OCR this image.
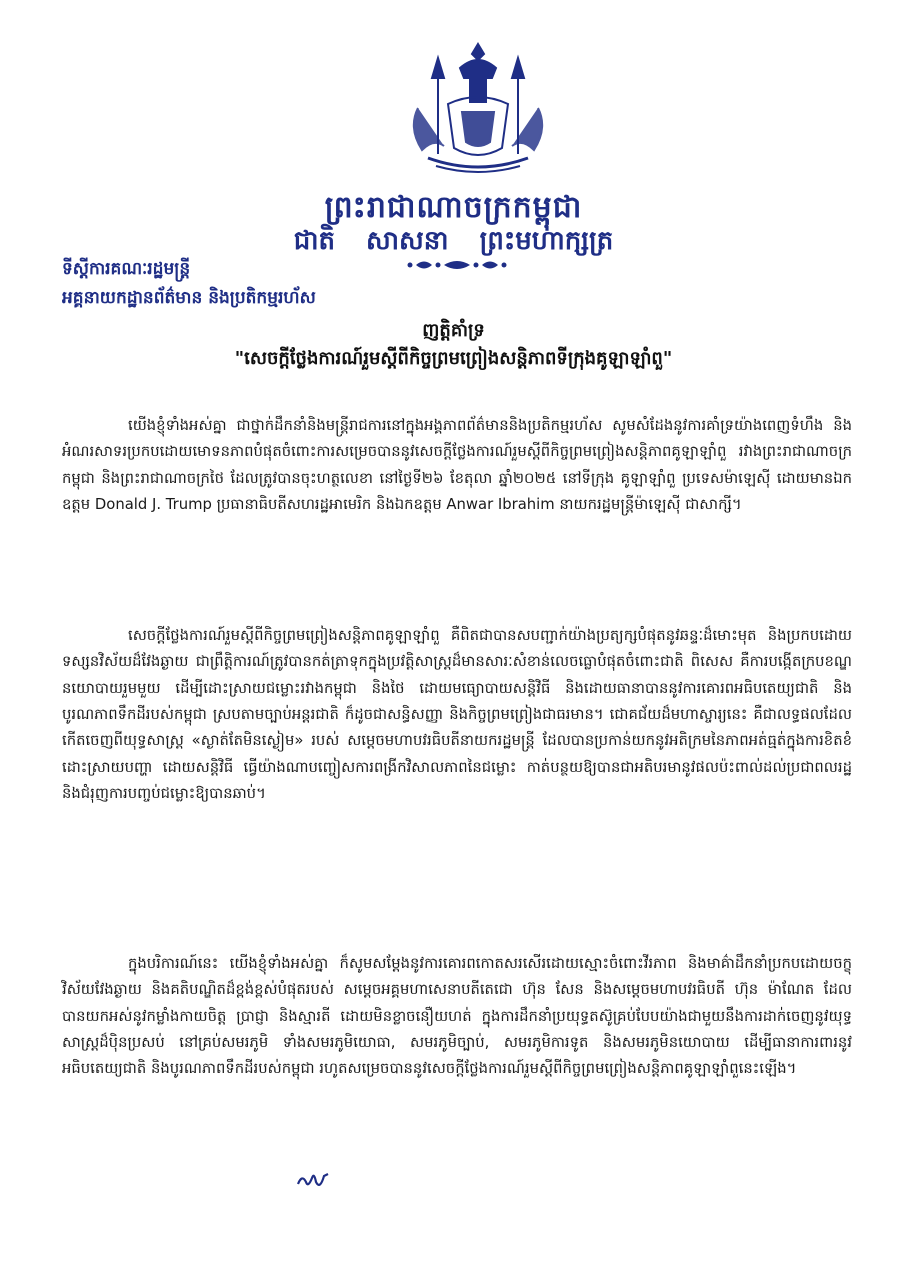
ព្រះរាជាណាចក្រកម្ពុជា
ជាតិ សាសនា ព្រះមហាក្សត្រ
ទីស្ដីការគណៈរដ្ឋមន្ត្រី
អគ្គនាយកដ្ឋានព័ត៌មាន និងប្រតិកម្មរហ័ស
ញត្តិគាំទ្រ
"សេចក្តីថ្លែងការណ៍រួមស្តីពីកិច្ចព្រមព្រៀងសន្តិភាពទីក្រុងគូឡាឡាំពួ"

យើងខ្ញុំទាំងអស់គ្នា ជាថ្នាក់ដឹកនាំនិងមន្ត្រីរាជការនៅក្នុងអង្គភាពព័ត៌មាននិងប្រតិកម្មរហ័ស សូមសំដែងនូវការគាំទ្រយ៉ាងពេញទំហឹង និងអំណរសាទរប្រកបដោយមោទនភាពបំផុតចំពោះការសម្រេចបាននូវសេចក្តីថ្លែងការណ៍រួមស្តីពីកិច្ចព្រមព្រៀងសន្តិភាពគូឡាឡាំពួ រវាងព្រះរាជាណាចក្រកម្ពុជា និងព្រះរាជាណាចក្រថៃ ដែលត្រូវបានចុះហត្ថលេខា នៅថ្ងៃទី២៦ ខែតុលា ឆ្នាំ២០២៥ នៅទីក្រុង គូឡាឡាំពួ ប្រទេសម៉ាឡេស៊ី ដោយមានឯកឧត្តម Donald J. Trump ប្រធានាធិបតីសហរដ្ឋអាមេរិក និងឯកឧត្តម Anwar Ibrahim នាយករដ្ឋមន្ត្រីម៉ាឡេស៊ី ជាសាក្សី។

សេចក្តីថ្លែងការណ៍រួមស្តីពីកិច្ចព្រមព្រៀងសន្តិភាពគូឡាឡាំពួ គឺពិតជាបានសបញ្ជាក់យ៉ាងប្រត្យក្សបំផុតនូវឆន្ទៈដ៏មោះមុត និងប្រកបដោយទស្សនវិស័យដ៏វែងឆ្ងាយ ជាព្រឹត្តិការណ៍ត្រូវបានកត់ត្រាទុកក្នុងប្រវត្តិសាស្ត្រដ៏មានសារៈសំខាន់លេចធ្លោបំផុតចំពោះជាតិ ពិសេស គឺការបង្កើតក្របខណ្ឌនយោបាយរួមមួយ ដើម្បីដោះស្រាយជម្លោះរវាងកម្ពុជា និងថៃ ដោយមធ្យោបាយសន្តិវិធី និងដោយធានាបាននូវការគោរពអធិបតេយ្យជាតិ និងបូរណភាពទឹកដីរបស់កម្ពុជា ស្របតាមច្បាប់អន្តរជាតិ ក៏ដូចជាសន្ធិសញ្ញា និងកិច្ចព្រមព្រៀងជាធរមាន។ ជោគជ័យដ៏មហាស្ចារ្យនេះ គឺជាលទ្ធផលដែលកើតចេញពីយុទ្ធសាស្ត្រ «ស្ងាត់តែមិនស្ងៀម» របស់ សម្តេចមហាបវរធិបតីនាយករដ្ឋមន្ត្រី ដែលបានប្រកាន់យកនូវអតិក្រមនៃភាពអត់ធ្មត់ក្នុងការខិតខំដោះស្រាយបញ្ហា ដោយសន្តិវិធី ធ្វើយ៉ាងណាបញ្ចៀសការពង្រីកវិសាលភាពនៃជម្លោះ កាត់បន្ថយឱ្យបានជាអតិបរមានូវផលប៉ះពាល់ដល់ប្រជាពលរដ្ឋ និងជំរុញការបញ្ចប់ជម្លោះឱ្យបានឆាប់។

ក្នុងបរិការណ៍នេះ យើងខ្ញុំទាំងអស់គ្នា ក៏សូមសម្តែងនូវការគោរពកោតសរសើរដោយស្មោះចំពោះវីរភាព និងមាគ៌ាដឹកនាំប្រកបដោយចក្ខុវិស័យវែងឆ្ងាយ និងគតិបណ្ឌិតដ៏ខ្ពង់ខ្ពស់បំផុតរបស់ សម្តេចអគ្គមហាសេនាបតីតេជោ ហ៊ុន សែន និងសម្តេចមហាបវរធិបតី ហ៊ុន ម៉ាណែត ដែលបានយកអស់នូវកម្លាំងកាយចិត្ត ប្រាជ្ញា និងស្មារតី ដោយមិនខ្លាចនឿយហត់ ក្នុងការដឹកនាំប្រយុទ្ធតស៊ូគ្រប់បែបយ៉ាងជាមួយនឹងការដាក់ចេញនូវយុទ្ធសាស្ត្រដ៏ប៉ិនប្រសប់ នៅគ្រប់សមរភូមិ ទាំងសមរភូមិយោធា, សមរភូមិច្បាប់, សមរភូមិការទូត និងសមរភូមិនយោបាយ ដើម្បីធានាការពារនូវអធិបតេយ្យជាតិ និងបូរណភាពទឹកដីរបស់កម្ពុជា រហូតសម្រេចបាននូវសេចក្តីថ្លែងការណ៍រួមស្តីពីកិច្ចព្រមព្រៀងសន្តិភាពគូឡាឡាំពួនេះឡើង។
